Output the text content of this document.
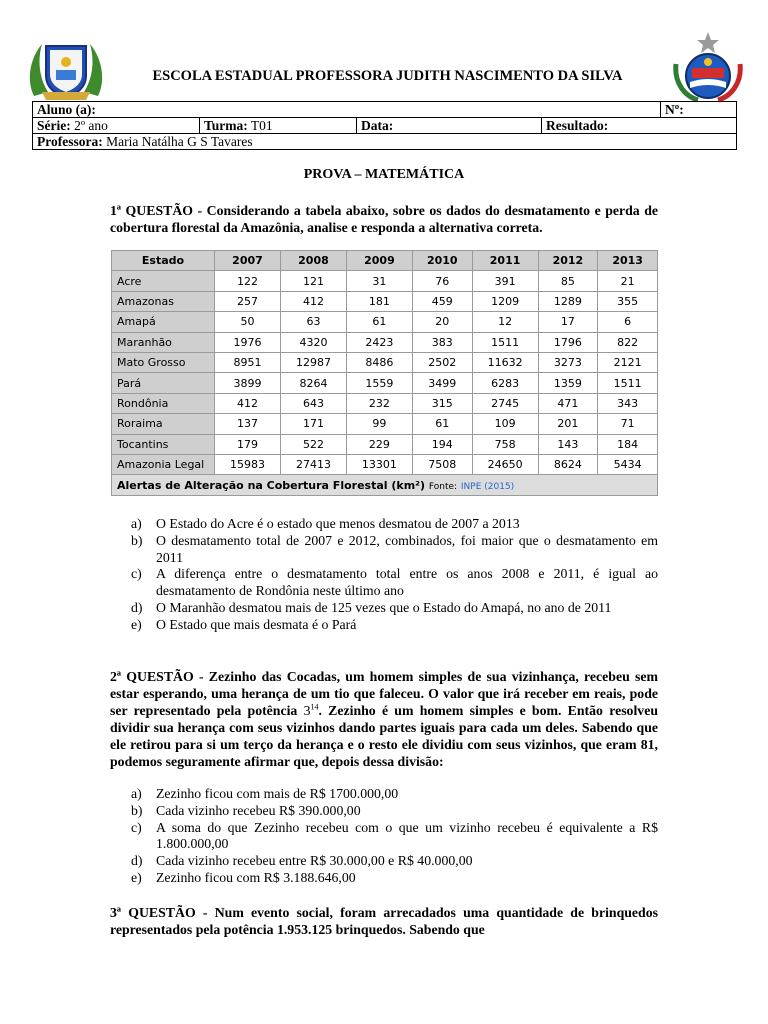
ESCOLA ESTADUAL PROFESSORA JUDITH NASCIMENTO DA SILVA
Aluno (a):				Nº:
Série: 2º ano	Turma: T01	Data:	Resultado:	
Professora: Maria Natálha G S Tavares				
PROVA – MATEMÁTICA
1ª QUESTÃO - Considerando a tabela abaixo, sobre os dados do desmatamento e perda de cobertura florestal da Amazônia, analise e responda a alternativa correta.
Estado	2007	2008	2009	2010	2011	2012	2013
Acre	122	121	31	76	391	85	21
Amazonas	257	412	181	459	1209	1289	355
Amapá	50	63	61	20	12	17	6
Maranhão	1976	4320	2423	383	1511	1796	822
Mato Grosso	8951	12987	8486	2502	11632	3273	2121
Pará	3899	8264	1559	3499	6283	1359	1511
Rondônia	412	643	232	315	2745	471	343
Roraima	137	171	99	61	109	201	71
Tocantins	179	522	229	194	758	143	184
Amazonia Legal	15983	27413	13301	7508	24650	8624	5434
Alertas de Alteração na Cobertura Florestal (km²) Fonte: INPE (2015)							
a) O Estado do Acre é o estado que menos desmatou de 2007 a 2013
b) O desmatamento total de 2007 e 2012, combinados, foi maior que o desmatamento em 2011
c) A diferença entre o desmatamento total entre os anos 2008 e 2011, é igual ao desmatamento de Rondônia neste último ano
d) O Maranhão desmatou mais de 125 vezes que o Estado do Amapá, no ano de 2011
e) O Estado que mais desmata é o Pará
2ª QUESTÃO - Zezinho das Cocadas, um homem simples de sua vizinhança, recebeu sem estar esperando, uma herança de um tio que faleceu. O valor que irá receber em reais, pode ser representado pela potência $3^{14}$. Zezinho é um homem simples e bom. Então resolveu dividir sua herança com seus vizinhos dando partes iguais para cada um deles. Sabendo que ele retirou para si um terço da herança e o resto ele dividiu com seus vizinhos, que eram 81, podemos seguramente afirmar que, depois dessa divisão:
a) Zezinho ficou com mais de R$ 1700.000,00
b) Cada vizinho recebeu R$ 390.000,00
c) A soma do que Zezinho recebeu com o que um vizinho recebeu é equivalente a R$ 1.800.000,00
d) Cada vizinho recebeu entre R$ 30.000,00 e R$ 40.000,00
e) Zezinho ficou com R$ 3.188.646,00
3ª QUESTÃO - Num evento social, foram arrecadados uma quantidade de brinquedos representados pela potência 1.953.125 brinquedos. Sabendo que
